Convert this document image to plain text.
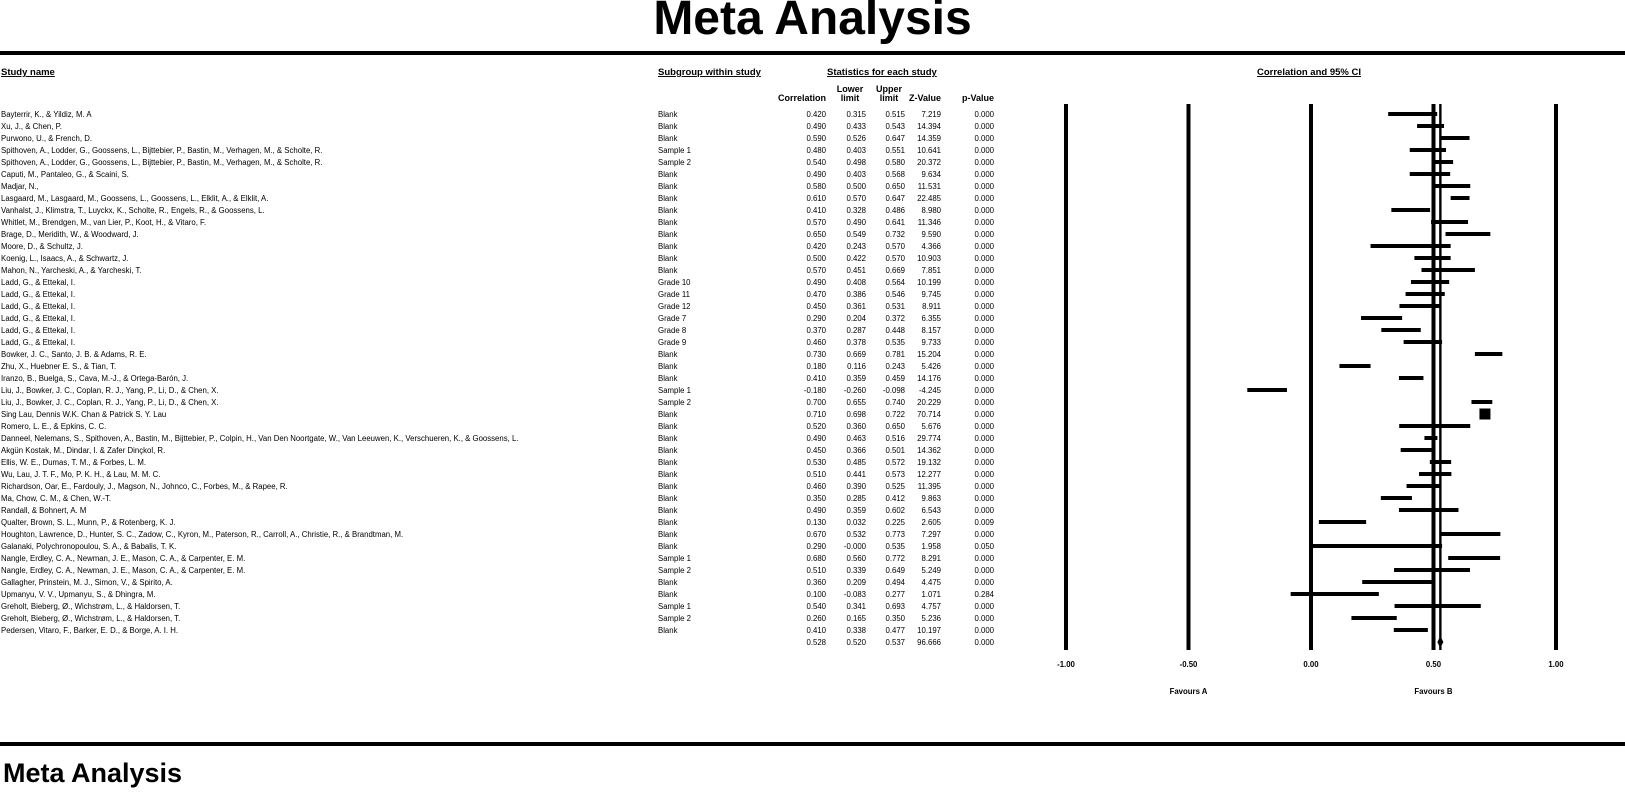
Meta Analysis
Study name	Subgroup within study	Statistics for each study	Correlation and 95% CI
Correlation
Lower
limit
Upper
limit Z-Value p-Value
Bayterrir, K., & Yildiz, M. A	Blank	0.420	0.315 0.515 7.219	0.000
Xu, J., & Chen, P.	Blank	0.490	0.433 0.543 14.394	0.000
Purwono, U., & French, D.	Blank	0.590	0.526 0.647 14.359	0.000
Spithoven, A., Lodder, G., Goossens, L., Bijttebier, P., Bastin, M., Verhagen, M., & Scholte, R.	Sample 1	0.480	0.403 0.551 10.641	0.000
Spithoven, A., Lodder, G., Goossens, L., Bijttebier, P., Bastin, M., Verhagen, M., & Scholte, R.	Sample 2	0.540	0.498 0.580 20.372	0.000
Caputi, M., Pantaleo, G., & Scaini, S.	Blank	0.490	0.403 0.568 9.634	0.000
Madjar, N.,	Blank	0.580	0.500 0.650 11.531	0.000
Lasgaard, M., Lasgaard, M., Goossens, L., Goossens, L., Elklit, A., & Elklit, A.	Blank	0.610	0.570 0.647 22.485	0.000
Vanhalst, J., Klimstra, T., Luyckx, K., Scholte, R., Engels, R., & Goossens, L.	Blank	0.410	0.328 0.486 8.980	0.000
Whitlet, M., Brendgen, M., van Lier, P., Koot, H., & Vitaro, F.	Blank	0.570	0.490 0.641 11.346	0.000
Brage, D., Meridith, W., & Woodward, J.	Blank	0.650	0.549 0.732 9.590	0.000
Moore, D., & Schultz, J.	Blank	0.420	0.243 0.570 4.366	0.000
Koenig, L., Isaacs, A., & Schwartz, J.	Blank	0.500	0.422 0.570 10.903	0.000
Mahon, N., Yarcheski, A., & Yarcheski, T.	Blank	0.570	0.451 0.669 7.851	0.000
Ladd, G., & Ettekal, I.	Grade 10	0.490	0.408 0.564 10.199	0.000
Ladd, G., & Ettekal, I.	Grade 11	0.470	0.386 0.546 9.745	0.000
Ladd, G., & Ettekal, I.	Grade 12	0.450	0.361 0.531 8.911	0.000
Ladd, G., & Ettekal, I.	Grade 7	0.290	0.204 0.372 6.355	0.000
Ladd, G., & Ettekal, I.	Grade 8	0.370	0.287 0.448 8.157	0.000
Ladd, G., & Ettekal, I.	Grade 9	0.460	0.378 0.535 9.733	0.000
Bowker, J. C., Santo, J. B. & Adams, R. E.	Blank	0.730	0.669 0.781 15.204	0.000
Zhu, X., Huebner E. S., & Tian, T.	Blank	0.180	0.116 0.243 5.426	0.000
Iranzo, B., Buelga, S., Cava, M.-J., & Ortega-Barón, J.	Blank	0.410	0.359 0.459 14.176	0.000
Liu, J., Bowker, J. C., Coplan, R. J., Yang, P., Li, D., & Chen, X.	Sample 1	-0.180 -0.260 -0.098 -4.245	0.000
Liu, J., Bowker, J. C., Coplan, R. J., Yang, P., Li, D., & Chen, X.	Sample 2	0.700	0.655 0.740 20.229	0.000
Sing Lau, Dennis W.K. Chan & Patrick S. Y. Lau	Blank	0.710	0.698 0.722 70.714	0.000
Romero, L. E., & Epkins, C. C.	Blank	0.520	0.360 0.650 5.676	0.000
Danneel, Nelemans, S., Spithoven, A., Bastin, M., Bijttebier, P., Colpin, H., Van Den Noortgate, W., Van Leeuwen, K., Verschueren, K., & Goossens, L.	Blank	0.490	0.463 0.516 29.774	0.000
Akgün Kostak, M., Dindar, I. & Zafer Dinçkol, R.	Blank	0.450	0.366 0.501 14.362	0.000
Ellis, W. E., Dumas, T. M., & Forbes, L. M.	Blank	0.530	0.485 0.572 19.132	0.000
Wu, Lau, J. T. F., Mo, P. K. H., & Lau, M. M. C.	Blank	0.510	0.441 0.573 12.277	0.000
Richardson, Oar, E., Fardouly, J., Magson, N., Johnco, C., Forbes, M., & Rapee, R.	Blank	0.460	0.390 0.525 11.395	0.000
Ma, Chow, C. M., & Chen, W.-T.	Blank	0.350	0.285 0.412 9.863	0.000
Randall, & Bohnert, A. M	Blank	0.490	0.359 0.602 6.543	0.000
Qualter, Brown, S. L., Munn, P., & Rotenberg, K. J.	Blank	0.130	0.032 0.225 2.605	0.009
Houghton, Lawrence, D., Hunter, S. C., Zadow, C., Kyron, M., Paterson, R., Carroll, A., Christie, R., & Brandtman, M.	Blank	0.670	0.532 0.773 7.297	0.000
Galanaki, Polychronopoulou, S. A., & Babalis, T. K.	Blank	0.290 -0.000 0.535 1.958	0.050
Nangle, Erdley, C. A., Newman, J. E., Mason, C. A., & Carpenter, E. M.	Sample 1	0.680	0.560 0.772 8.291	0.000
Nangle, Erdley, C. A., Newman, J. E., Mason, C. A., & Carpenter, E. M.	Sample 2	0.510	0.339 0.649 5.249	0.000
Gallagher, Prinstein, M. J., Simon, V., & Spirito, A.	Blank	0.360	0.209 0.494 4.475	0.000
Upmanyu, V. V., Upmanyu, S., & Dhingra, M.	Blank	0.100 -0.083 0.277 1.071	0.284
Greholt, Bieberg, Ø., Wichstrøm, L., & Haldorsen, T.	Sample 1	0.540	0.341 0.693 4.757	0.000
Greholt, Bieberg, Ø., Wichstrøm, L., & Haldorsen, T.	Sample 2	0.260	0.165 0.350 5.236	0.000
Pedersen, Vitaro, F., Barker, E. D., & Borge, A. I. H.	Blank	0.410	0.338 0.477 10.197	0.000
0.528	0.520 0.537 96.666	0.000
-1.00	-0.50	0.00	0.50	1.00
Favours A	Favours B
Meta Analysis
